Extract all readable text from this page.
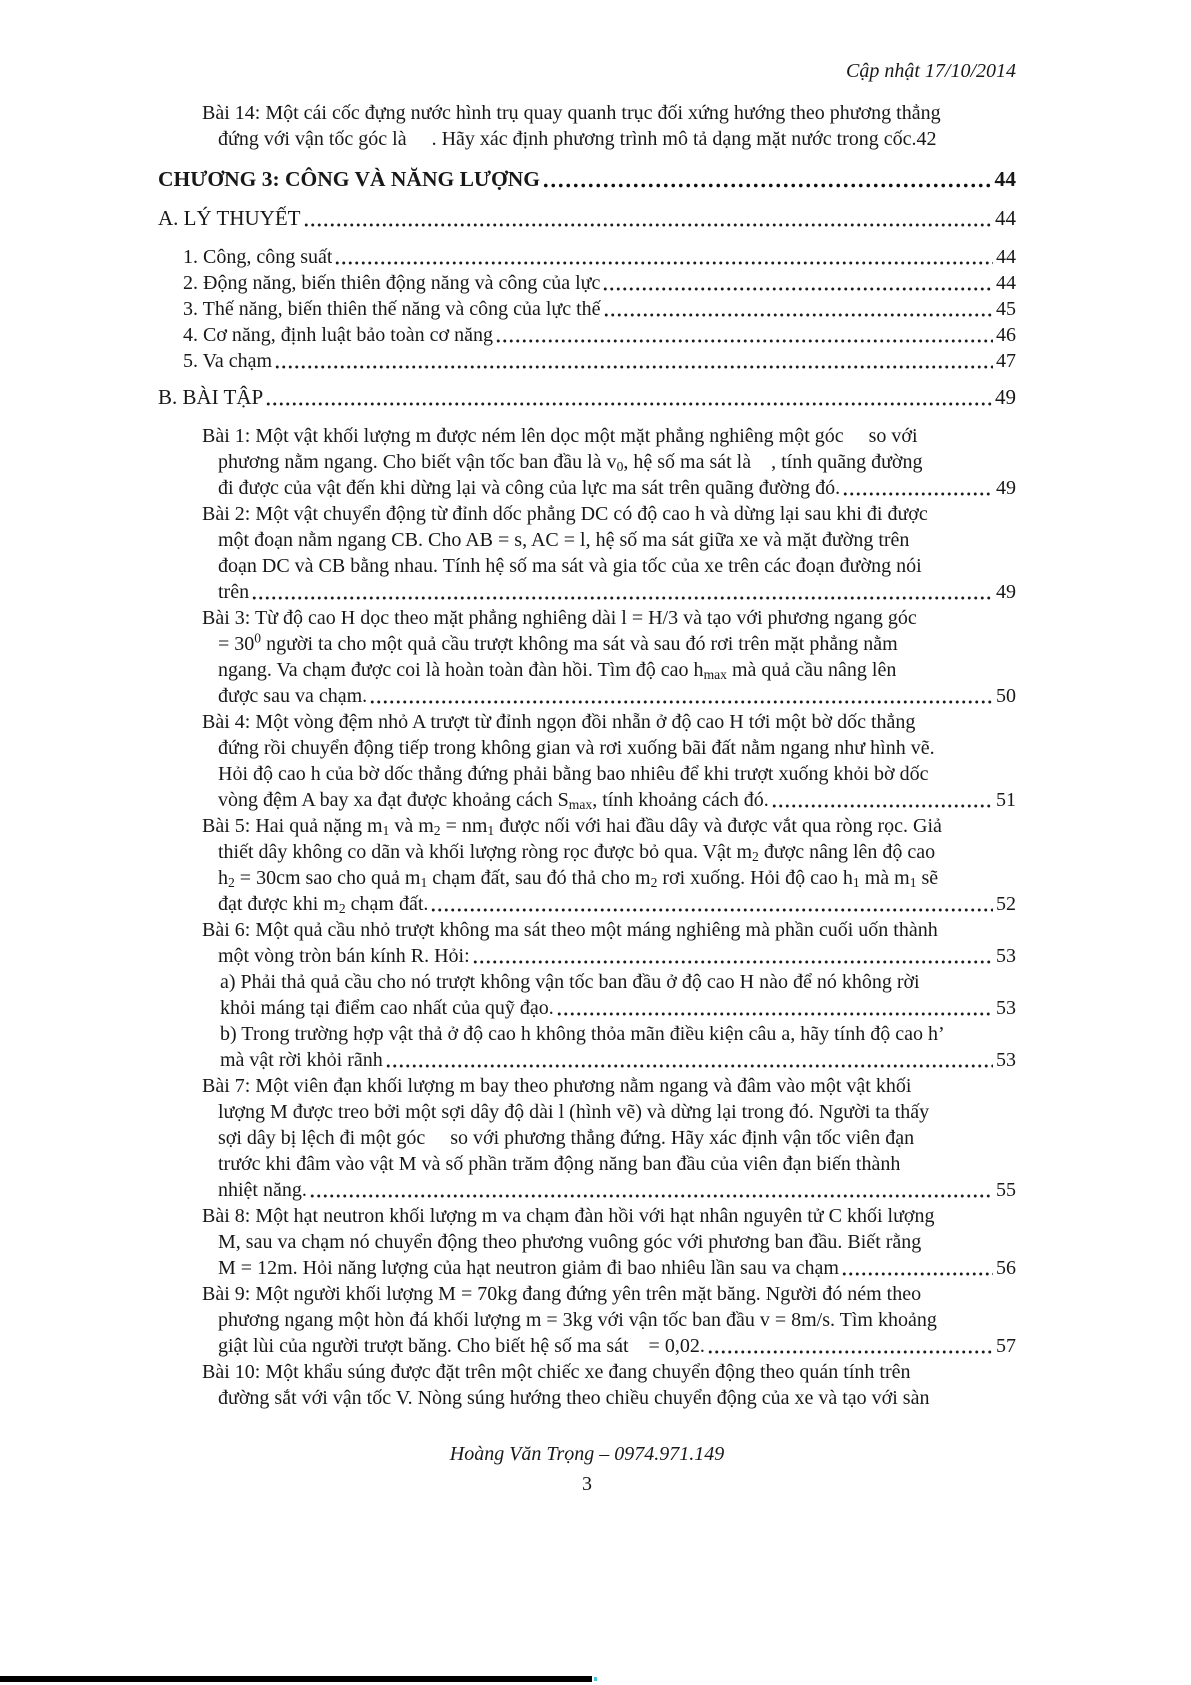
Cập nhật 17/10/2014
Bài 14: Một cái cốc đựng nước hình trụ quay quanh trục đối xứng hướng theo phương thẳng
đứng với vận tốc góc là     . Hãy xác định phương trình mô tả dạng mặt nước trong cốc.42
CHƯƠNG 3: CÔNG VÀ NĂNG LƯỢNG	44
A. LÝ THUYẾT	44
1. Công, công suất	44
2. Động năng, biến thiên động năng và công của lực	44
3. Thế năng, biến thiên thế năng và công của lực thế	45
4. Cơ năng, định luật bảo toàn cơ năng	46
5. Va chạm	47
B. BÀI TẬP	49
Bài 1: Một vật khối lượng m được ném lên dọc một mặt phẳng nghiêng một góc     so với
phương nằm ngang. Cho biết vận tốc ban đầu là $v_0$, hệ số ma sát là    , tính quãng đường
đi được của vật đến khi dừng lại và công của lực ma sát trên quãng đường đó.	49
Bài 2: Một vật chuyển động từ đỉnh dốc phẳng DC có độ cao h và dừng lại sau khi đi được
một đoạn nằm ngang CB. Cho AB = s, AC = l, hệ số ma sát giữa xe và mặt đường trên
đoạn DC và CB bằng nhau. Tính hệ số ma sát và gia tốc của xe trên các đoạn đường nói
trên	49
Bài 3: Từ độ cao H dọc theo mặt phẳng nghiêng dài l = H/3 và tạo với phương ngang góc
= $30^0$ người ta cho một quả cầu trượt không ma sát và sau đó rơi trên mặt phẳng nằm
ngang. Va chạm được coi là hoàn toàn đàn hồi. Tìm độ cao $h_{max}$ mà quả cầu nâng lên
được sau va chạm.	50
Bài 4: Một vòng đệm nhỏ A trượt từ đỉnh ngọn đồi nhẵn ở độ cao H tới một bờ dốc thẳng
đứng rồi chuyển động tiếp trong không gian và rơi xuống bãi đất nằm ngang như hình vẽ.
Hỏi độ cao h của bờ dốc thẳng đứng phải bằng bao nhiêu để khi trượt xuống khỏi bờ dốc
vòng đệm A bay xa đạt được khoảng cách $S_{max}$, tính khoảng cách đó.	51
Bài 5: Hai quả nặng $m_1$ và $m_2 = nm_1$ được nối với hai đầu dây và được vắt qua ròng rọc. Giả
thiết dây không co dãn và khối lượng ròng rọc được bỏ qua. Vật $m_2$ được nâng lên độ cao
$h_2 = 30cm$ sao cho quả $m_1$ chạm đất, sau đó thả cho $m_2$ rơi xuống. Hỏi độ cao $h_1$ mà $m_1$ sẽ
đạt được khi $m_2$ chạm đất.	52
Bài 6: Một quả cầu nhỏ trượt không ma sát theo một máng nghiêng mà phần cuối uốn thành
một vòng tròn bán kính R. Hỏi:	53
a) Phải thả quả cầu cho nó trượt không vận tốc ban đầu ở độ cao H nào để nó không rời
khỏi máng tại điểm cao nhất của quỹ đạo.	53
b) Trong trường hợp vật thả ở độ cao h không thỏa mãn điều kiện câu a, hãy tính độ cao h’
mà vật rời khỏi rãnh	53
Bài 7: Một viên đạn khối lượng m bay theo phương nằm ngang và đâm vào một vật khối
lượng M được treo bởi một sợi dây độ dài l (hình vẽ) và dừng lại trong đó. Người ta thấy
sợi dây bị lệch đi một góc     so với phương thẳng đứng. Hãy xác định vận tốc viên đạn
trước khi đâm vào vật M và số phần trăm động năng ban đầu của viên đạn biến thành
nhiệt năng.	55
Bài 8: Một hạt neutron khối lượng m va chạm đàn hồi với hạt nhân nguyên tử C khối lượng
M, sau va chạm nó chuyển động theo phương vuông góc với phương ban đầu. Biết rằng
M = 12m. Hỏi năng lượng của hạt neutron giảm đi bao nhiêu lần sau va chạm	56
Bài 9: Một người khối lượng M = 70kg đang đứng yên trên mặt băng. Người đó ném theo
phương ngang một hòn đá khối lượng m = 3kg với vận tốc ban đầu v = 8m/s. Tìm khoảng
giật lùi của người trượt băng. Cho biết hệ số ma sát    = 0,02.	57
Bài 10: Một khẩu súng được đặt trên một chiếc xe đang chuyển động theo quán tính trên
đường sắt với vận tốc V. Nòng súng hướng theo chiều chuyển động của xe và tạo với sàn
Hoàng Văn Trọng – 0974.971.149
3
